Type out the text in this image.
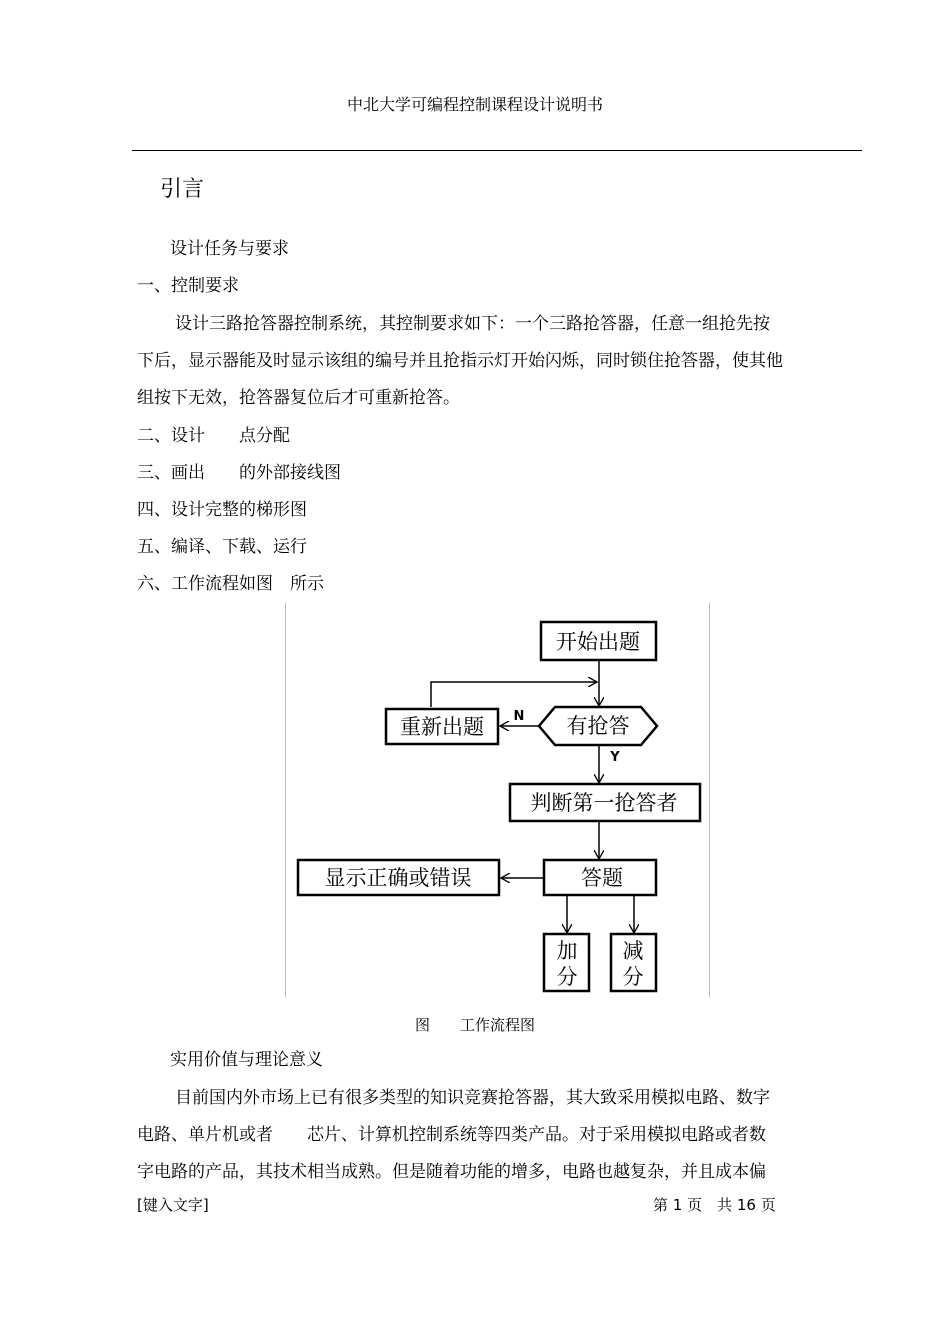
中北大学可编程控制课程设计说明书
引言
设计任务与要求
一、控制要求
设计三路抢答器控制系统，其控制要求如下：一个三路抢答器，任意一组抢先按
下后，显示器能及时显示该组的编号并且抢指示灯开始闪烁，同时锁住抢答器，使其他
组按下无效，抢答器复位后才可重新抢答。
二、设计　　点分配
三、画出　　的外部接线图
四、设计完整的梯形图
五、编译、下载、运行
六、工作流程如图　所示
开始出题
有抢答
重新出题 N
Y
判断第一抢答者
答题
显示正确或错误
加
分
减
分
图　　工作流程图
实用价值与理论意义
目前国内外市场上已有很多类型的知识竞赛抢答器，其大致采用模拟电路、数字
电路、单片机或者　　芯片、计算机控制系统等四类产品。对于采用模拟电路或者数
字电路的产品，其技术相当成熟。但是随着功能的增多，电路也越复杂，并且成本偏
[键入文字]	第 1 页　共 16 页
